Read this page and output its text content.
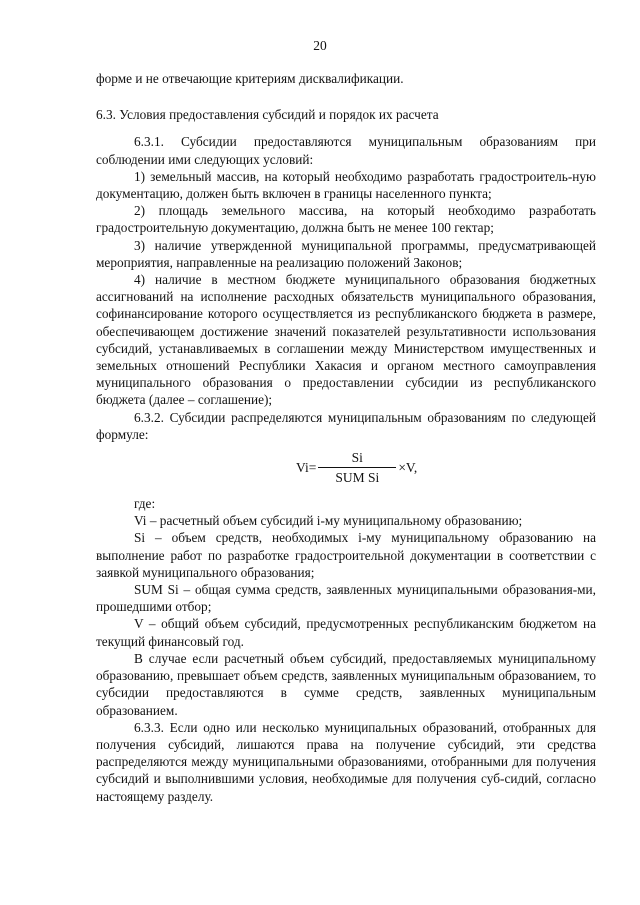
20

форме и не отвечающие критериям дисквалификации.

6.3. Условия предоставления субсидий и порядок их расчета

6.3.1. Субсидии предоставляются муниципальным образованиям при соблюдении ими следующих условий:

1) земельный массив, на который необходимо разработать градостроитель-ную документацию, должен быть включен в границы населенного пункта;

2) площадь земельного массива, на который необходимо разработать градостроительную документацию, должна быть не менее 100 гектар;

3) наличие утвержденной муниципальной программы, предусматривающей мероприятия, направленные на реализацию положений Законов;

4) наличие в местном бюджете муниципального образования бюджетных ассигнований на исполнение расходных обязательств муниципального образования, софинансирование которого осуществляется из республиканского бюджета в размере, обеспечивающем достижение значений показателей результативности использования субсидий, устанавливаемых в соглашении между Министерством имущественных и земельных отношений Республики Хакасия и органом местного самоуправления муниципального образования о предоставлении субсидии из республиканского бюджета (далее – соглашение);

6.3.2. Субсидии распределяются муниципальным образованиям по следующей формуле:

$Vi= \frac{Si}{\text{SUM Si}} \times V$,

где:

Vi – расчетный объем субсидий i-му муниципальному образованию;

Si – объем средств, необходимых i-му муниципальному образованию на выполнение работ по разработке градостроительной документации в соответствии с заявкой муниципального образования;

SUM Si – общая сумма средств, заявленных муниципальными образования-ми, прошедшими отбор;

V – общий объем субсидий, предусмотренных республиканским бюджетом на текущий финансовый год.

В случае если расчетный объем субсидий, предоставляемых муниципальному образованию, превышает объем средств, заявленных муниципальным образованием, то субсидии предоставляются в сумме средств, заявленных муниципальным образованием.

6.3.3. Если одно или несколько муниципальных образований, отобранных для получения субсидий, лишаются права на получение субсидий, эти средства распределяются между муниципальными образованиями, отобранными для получения субсидий и выполнившими условия, необходимые для получения суб-сидий, согласно настоящему разделу.
